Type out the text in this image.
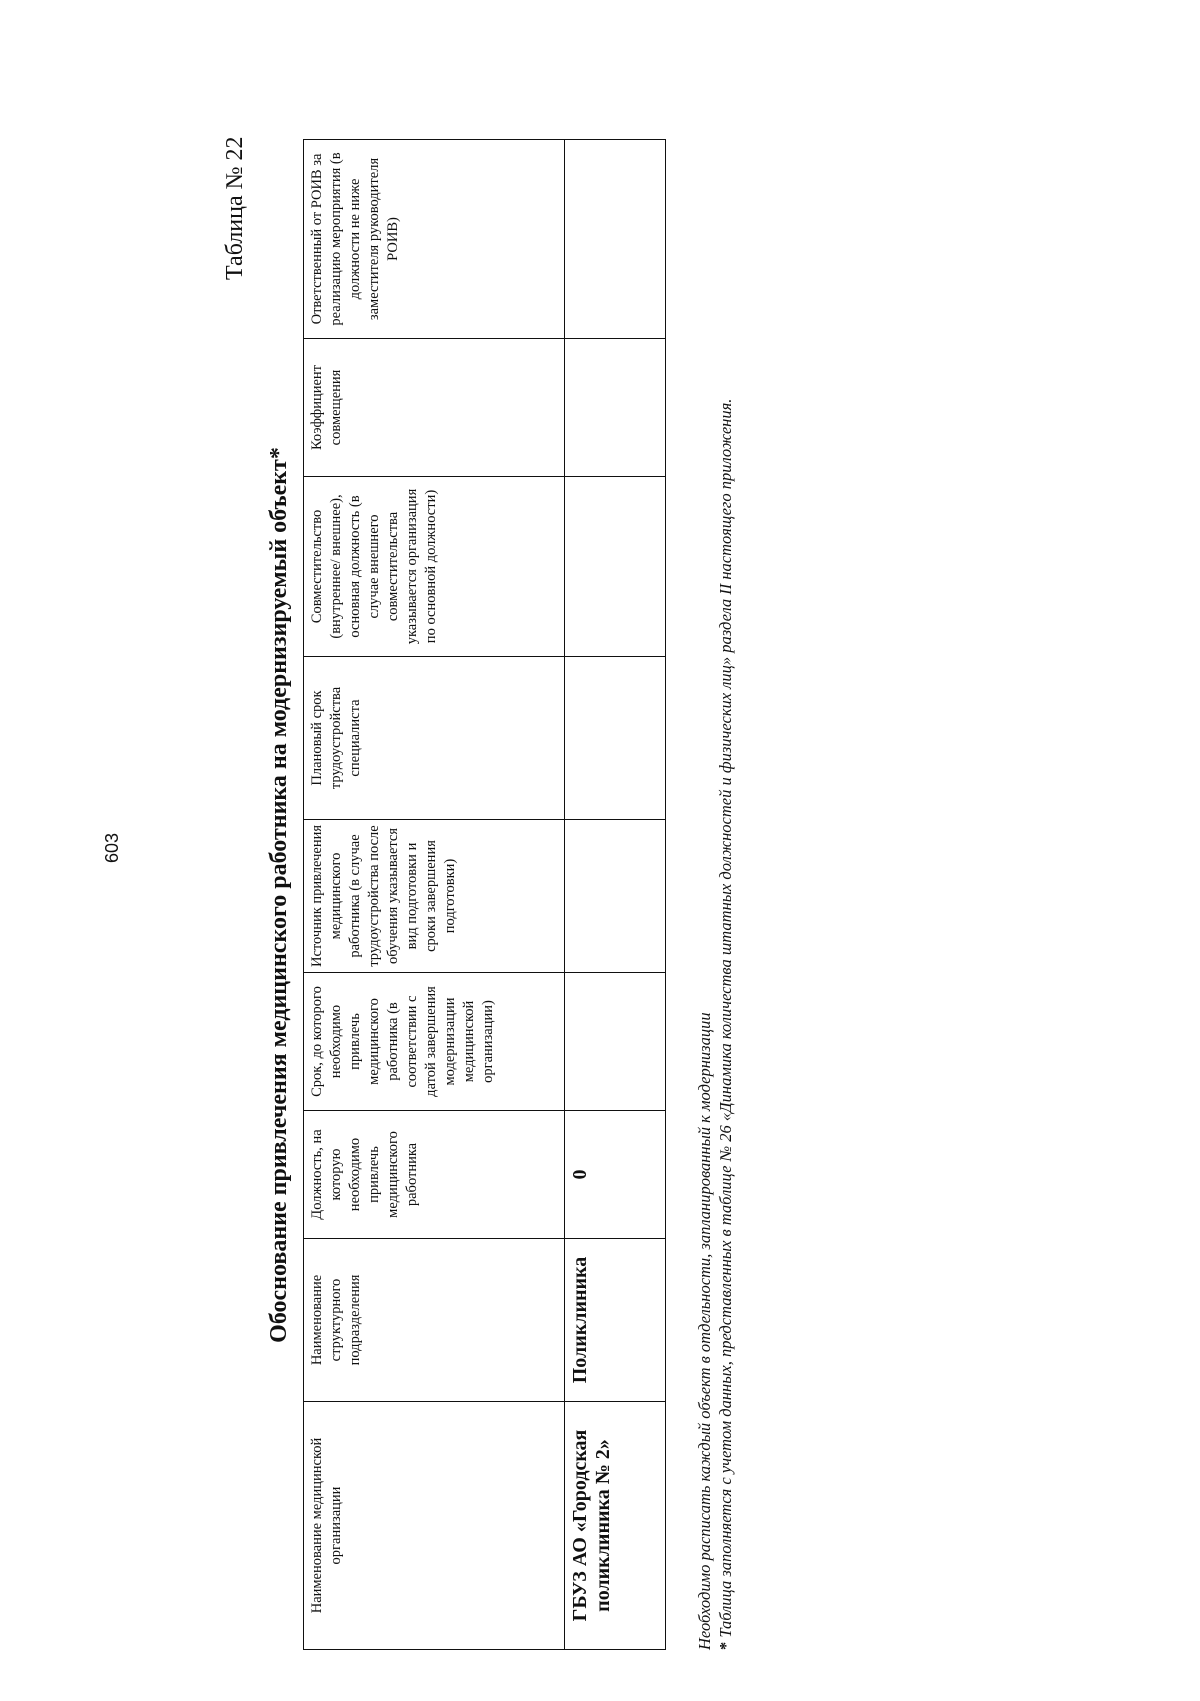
603
Таблица № 22
Обоснование привлечения медицинского работника на модернизируемый объект*
Наименование медицинской организации	Наименование структурного подразделения	Должность, на которую необходимо привлечь медицинского работника	Срок, до которого необходимо привлечь медицинского работника (в соответствии с датой завершения модернизации медицинской организации)	Источник привлечения медицинского работника (в случае трудоустройства после обучения указывается вид подготовки и сроки завершения подготовки)	Плановый срок трудоустройства специалиста	Совместительство (внутреннее/ внешнее), основная должность (в случае внешнего совместительства указывается организация по основной должности)	Коэффициент совмещения	Ответственный от РОИВ за реализацию мероприятия (в должности не ниже заместителя руководителя РОИВ)
ГБУЗ АО «Городская поликлиника № 2»	Поликлиника	0							Необходимо расписать каждый объект в отдельности, запланированный к модернизации * Таблица заполняется с учетом данных, представленных в таблице № 26 «Динамика количества штатных должностей и физических лиц» раздела II настоящего приложения.
